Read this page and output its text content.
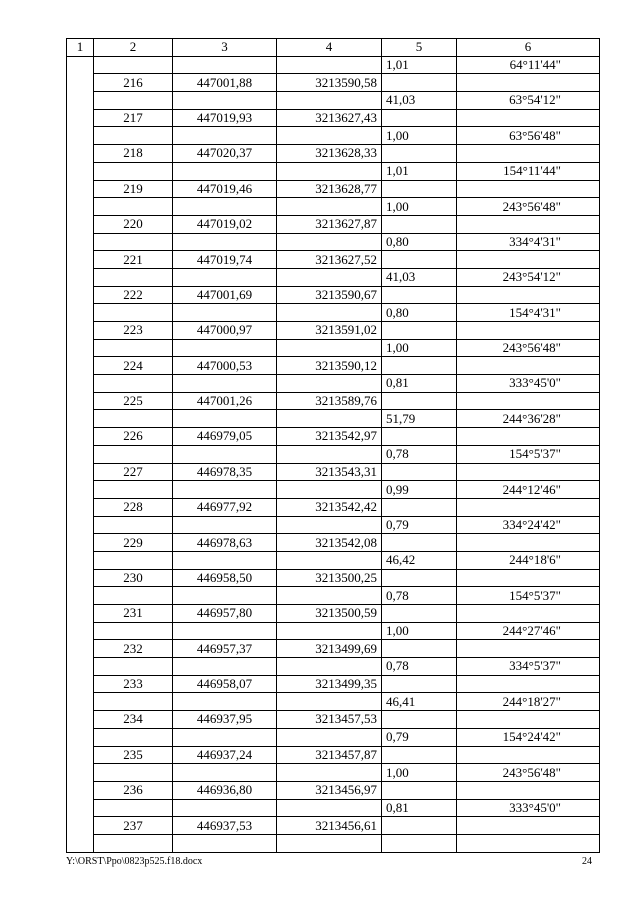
1	2	3	4	5	6
				1,01	64°11'44"
	216	447001,88	3213590,58		
				41,03	63°54'12"
	217	447019,93	3213627,43		
				1,00	63°56'48"
	218	447020,37	3213628,33		
				1,01	154°11'44"
	219	447019,46	3213628,77		
				1,00	243°56'48"
	220	447019,02	3213627,87		
				0,80	334°4'31"
	221	447019,74	3213627,52		
				41,03	243°54'12"
	222	447001,69	3213590,67		
				0,80	154°4'31"
	223	447000,97	3213591,02		
				1,00	243°56'48"
	224	447000,53	3213590,12		
				0,81	333°45'0"
	225	447001,26	3213589,76		
				51,79	244°36'28"
	226	446979,05	3213542,97		
				0,78	154°5'37"
	227	446978,35	3213543,31		
				0,99	244°12'46"
	228	446977,92	3213542,42		
				0,79	334°24'42"
	229	446978,63	3213542,08		
				46,42	244°18'6"
	230	446958,50	3213500,25		
				0,78	154°5'37"
	231	446957,80	3213500,59		
				1,00	244°27'46"
	232	446957,37	3213499,69		
				0,78	334°5'37"
	233	446958,07	3213499,35		
				46,41	244°18'27"
	234	446937,95	3213457,53		
				0,79	154°24'42"
	235	446937,24	3213457,87		
				1,00	243°56'48"
	236	446936,80	3213456,97		
				0,81	333°45'0"
	237	446937,53	3213456,61		

Y:\ORST\Ppo\0823p525.f18.docx	24
